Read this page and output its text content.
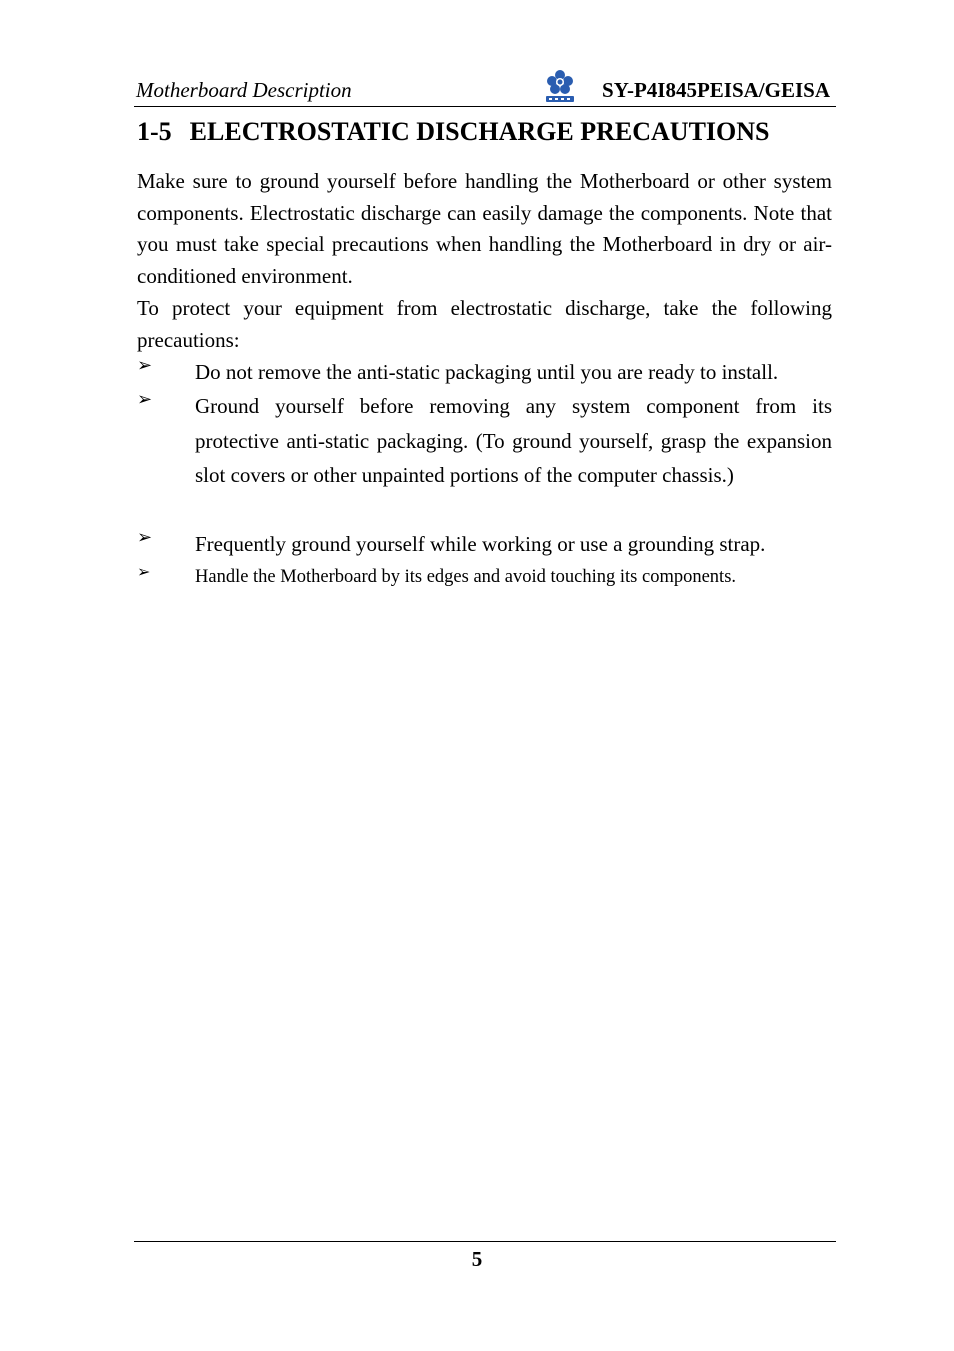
Motherboard Description	SY-P4I845PEISA/GEISA
1-5 ELECTROSTATIC DISCHARGE PRECAUTIONS

Make sure to ground yourself before handling the Motherboard or other system components. Electrostatic discharge can easily damage the components. Note that you must take special precautions when handling the Motherboard in dry or air-conditioned environment.

To protect your equipment from electrostatic discharge, take the following precautions:

➢ Do not remove the anti-static packaging until you are ready to install.
➢ Ground yourself before removing any system component from its protective anti-static packaging. (To ground yourself, grasp the expansion slot covers or other unpainted portions of the computer chassis.)
➢ Frequently ground yourself while working or use a grounding strap.
➢ Handle the Motherboard by its edges and avoid touching its components.
5
